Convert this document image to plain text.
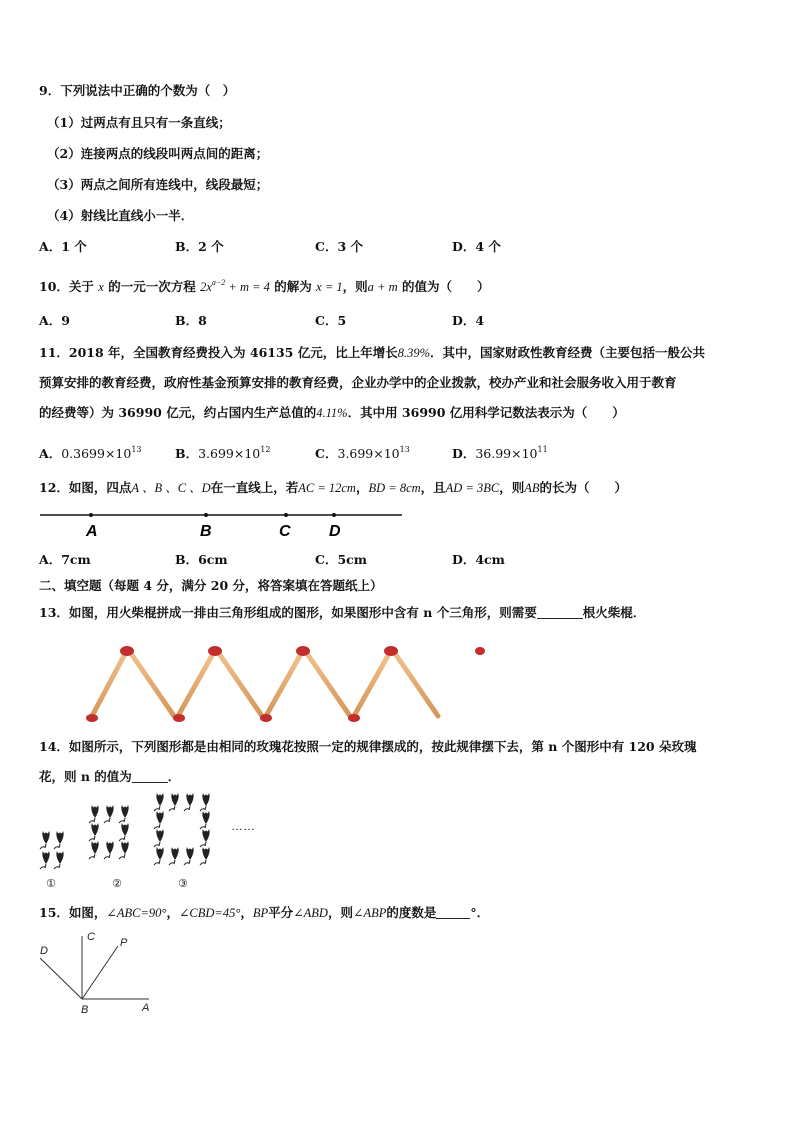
9．下列说法中正确的个数为（　）
（1）过两点有且只有一条直线；
（2）连接两点的线段叫两点间的距离；
（3）两点之间所有连线中，线段最短；
（4）射线比直线小一半．
A．1 个	B．2 个	C．3 个	D．4 个
10．关于 x 的一元一次方程 $2x^{a-2} + m = 4$ 的解为 x = 1，则a + m 的值为（　　）
A．9	B．8	C．5	D．4
11．2018 年，全国教育经费投入为 46135 亿元，比上年增长8.39%．其中，国家财政性教育经费（主要包括一般公共
预算安排的教育经费，政府性基金预算安排的教育经费，企业办学中的企业拨款，校办产业和社会服务收入用于教育
的经费等）为 36990 亿元，约占国内生产总值的4.11%．其中用 36990 亿用科学记数法表示为（　　）
A．$0.3699\times 10^{13}$	B．$3.699\times 10^{12}$	C．$3.699\times 10^{13}$	D．$36.99\times 10^{11}$
12．如图，四点A 、B 、C 、D在一直线上，若AC = 12cm，BD = 8cm，且AD = 3BC，则AB的长为（　　）
A	B	C D
A．7cm	B．6cm	C．5cm	D．4cm
二、填空题（每题 4 分，满分 20 分，将答案填在答题纸上）
13．如图，用火柴棍拼成一排由三角形组成的图形，如果图形中含有 n 个三角形，则需要	根火柴棍．
14．如图所示，下列图形都是由相同的玫瑰花按照一定的规律摆成的，按此规律摆下去，第 n 个图形中有 120 朵玫瑰
花，则 n 的值为	．
……
①	②	③
15．如图，∠ABC=90°，∠CBD=45°，BP平分∠ABD，则∠ABP的度数是	°．
D
C P
B	A
